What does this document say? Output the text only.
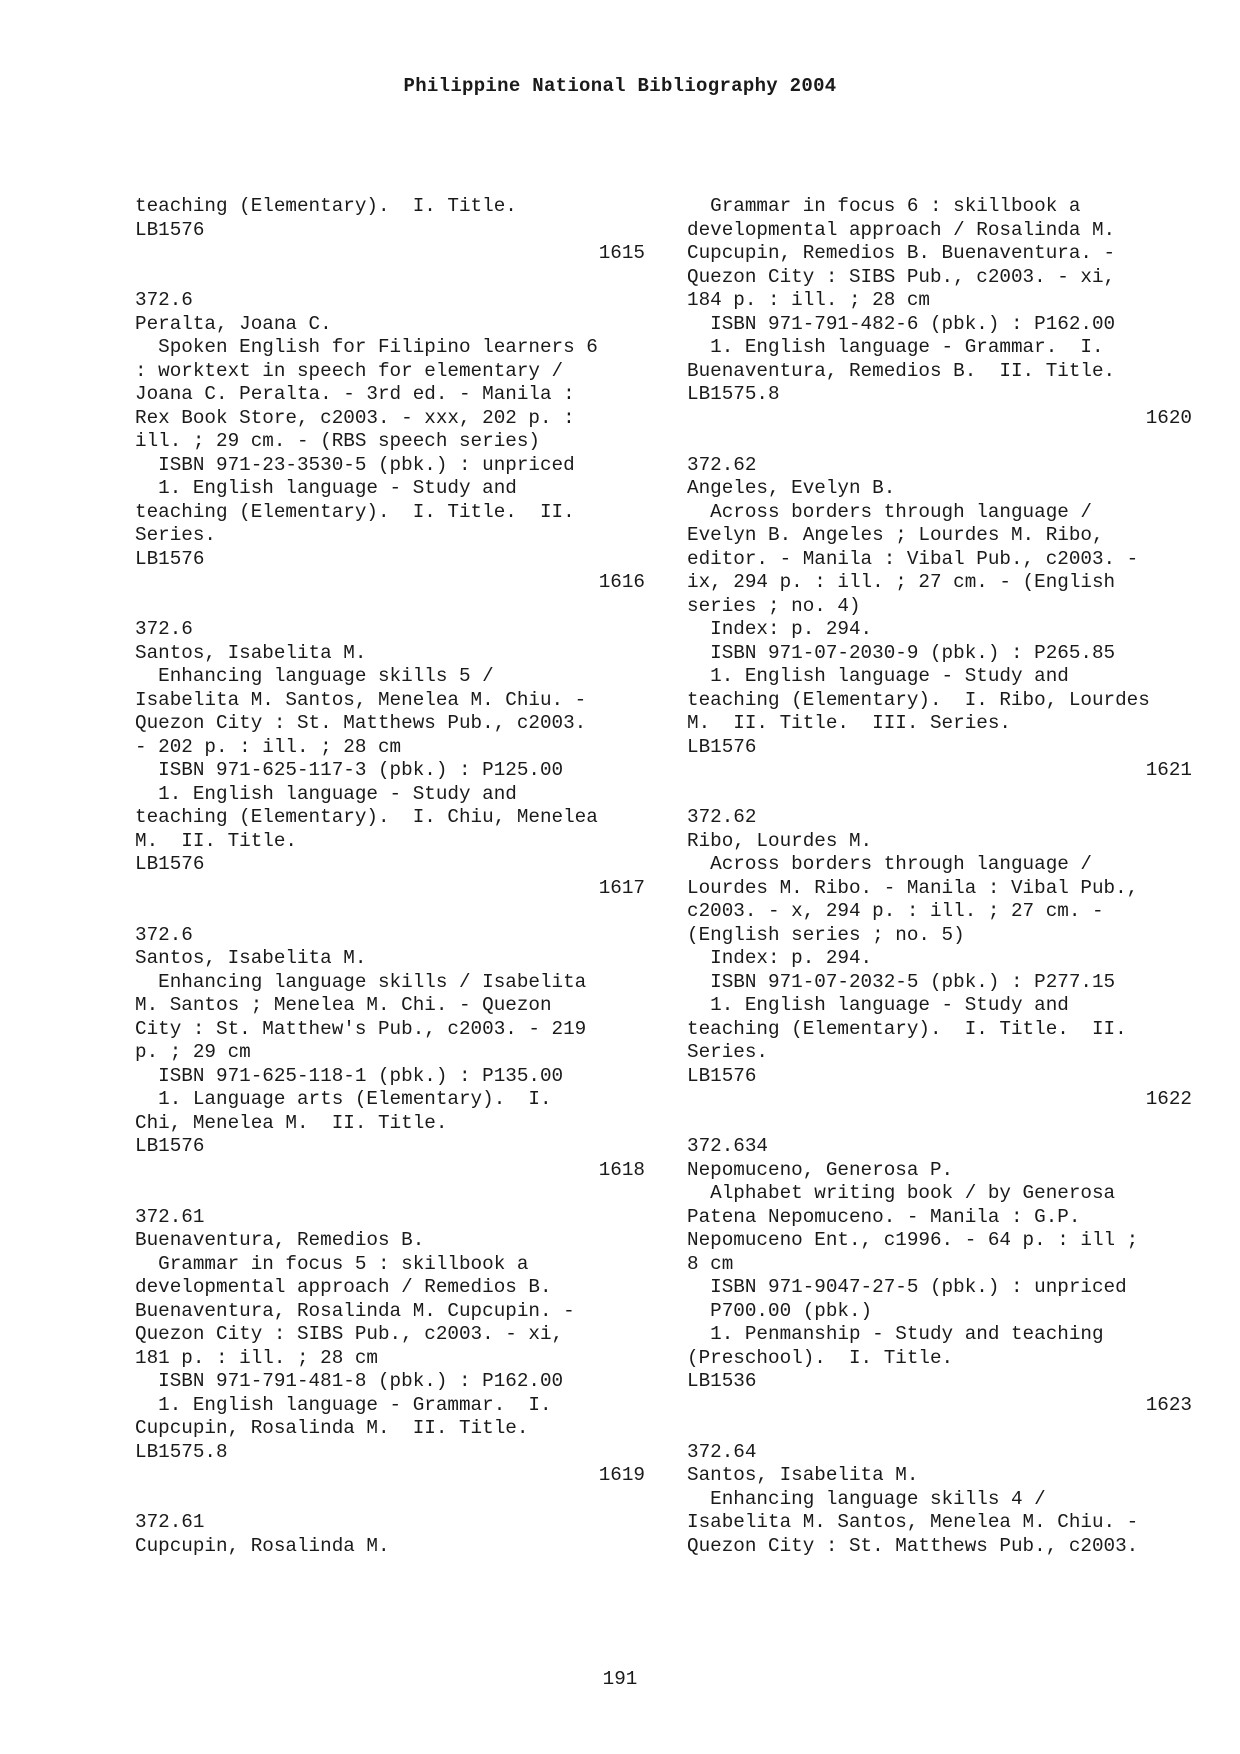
Philippine National Bibliography 2004
teaching (Elementary).  I. Title.
LB1576
1615
372.6
Peralta, Joana C.
Spoken English for Filipino learners 6
: worktext in speech for elementary /
Joana C. Peralta. - 3rd ed. - Manila :
Rex Book Store, c2003. - xxx, 202 p. :
ill. ; 29 cm. - (RBS speech series)
ISBN 971-23-3530-5 (pbk.) : unpriced
1. English language - Study and
teaching (Elementary).  I. Title.  II.
Series.
LB1576
1616
372.6
Santos, Isabelita M.
Enhancing language skills 5 /
Isabelita M. Santos, Menelea M. Chiu. -
Quezon City : St. Matthews Pub., c2003.
- 202 p. : ill. ; 28 cm
ISBN 971-625-117-3 (pbk.) : P125.00
1. English language - Study and
teaching (Elementary).  I. Chiu, Menelea
M.  II. Title.
LB1576
1617
372.6
Santos, Isabelita M.
Enhancing language skills / Isabelita
M. Santos ; Menelea M. Chi. - Quezon
City : St. Matthew's Pub., c2003. - 219
p. ; 29 cm
ISBN 971-625-118-1 (pbk.) : P135.00
1. Language arts (Elementary).  I.
Chi, Menelea M.  II. Title.
LB1576
1618
372.61
Buenaventura, Remedios B.
Grammar in focus 5 : skillbook a
developmental approach / Remedios B.
Buenaventura, Rosalinda M. Cupcupin. -
Quezon City : SIBS Pub., c2003. - xi,
181 p. : ill. ; 28 cm
ISBN 971-791-481-8 (pbk.) : P162.00
1. English language - Grammar.  I.
Cupcupin, Rosalinda M.  II. Title.
LB1575.8
1619
372.61
Cupcupin, Rosalinda M.
Grammar in focus 6 : skillbook a
developmental approach / Rosalinda M.
Cupcupin, Remedios B. Buenaventura. -
Quezon City : SIBS Pub., c2003. - xi,
184 p. : ill. ; 28 cm
ISBN 971-791-482-6 (pbk.) : P162.00
1. English language - Grammar.  I.
Buenaventura, Remedios B.  II. Title.
LB1575.8
1620
372.62
Angeles, Evelyn B.
Across borders through language /
Evelyn B. Angeles ; Lourdes M. Ribo,
editor. - Manila : Vibal Pub., c2003. -
ix, 294 p. : ill. ; 27 cm. - (English
series ; no. 4)
Index: p. 294.
ISBN 971-07-2030-9 (pbk.) : P265.85
1. English language - Study and
teaching (Elementary).  I. Ribo, Lourdes
M.  II. Title.  III. Series.
LB1576
1621
372.62
Ribo, Lourdes M.
Across borders through language /
Lourdes M. Ribo. - Manila : Vibal Pub.,
c2003. - x, 294 p. : ill. ; 27 cm. -
(English series ; no. 5)
Index: p. 294.
ISBN 971-07-2032-5 (pbk.) : P277.15
1. English language - Study and
teaching (Elementary).  I. Title.  II.
Series.
LB1576
1622
372.634
Nepomuceno, Generosa P.
Alphabet writing book / by Generosa
Patena Nepomuceno. - Manila : G.P.
Nepomuceno Ent., c1996. - 64 p. : ill ;
8 cm
ISBN 971-9047-27-5 (pbk.) : unpriced
P700.00 (pbk.)
1. Penmanship - Study and teaching
(Preschool).  I. Title.
LB1536
1623
372.64
Santos, Isabelita M.
Enhancing language skills 4 /
Isabelita M. Santos, Menelea M. Chiu. -
Quezon City : St. Matthews Pub., c2003.
191
